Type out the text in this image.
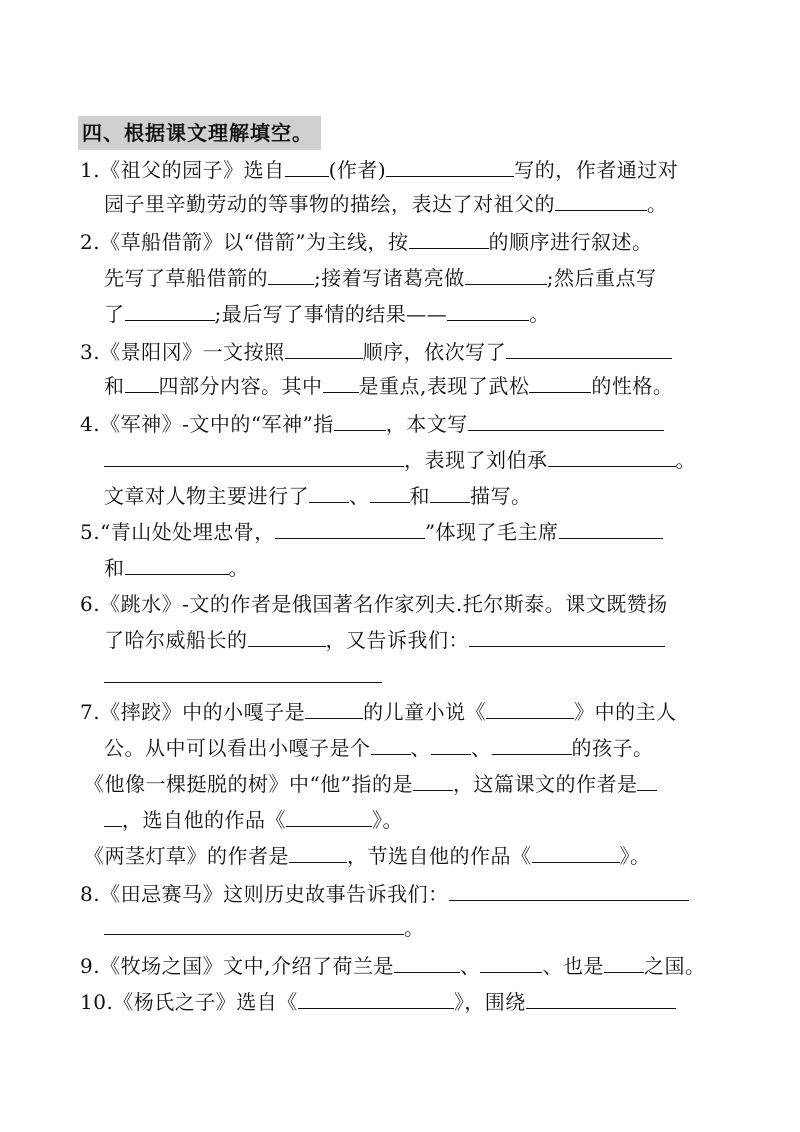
四、根据课文理解填空。
1.《祖父的园子》选自 (作者)	写的，作者通过对
园子里辛勤劳动的等事物的描绘，表达了对祖父的	。
2.《草船借箭》以“借箭”为主线，按	的顺序进行叙述。
先写了草船借箭的 ;接着写诸葛亮做	;然后重点写
了	;最后写了事情的结果——	。
3.《景阳冈》一文按照	顺序，依次写了
和 四部分内容。其中 是重点,表现了武松	的性格。
4.《军神》-文中的“军神”指	，本文写
，表现了刘伯承	。
文章对人物主要进行了 、 和 描写。
5.“青山处处埋忠骨，	”体现了毛主席
和	。
6.《跳水》-文的作者是俄国著名作家列夫.托尔斯泰。课文既赞扬
了哈尔威船长的	，又告诉我们：
7.《摔跤》中的小嘎子是	的儿童小说《	》中的主人
公。从中可以看出小嘎子是个 、 、	的孩子。
《他像一棵挺脱的树》中“他”指的是 ，这篇课文的作者是
，选自他的作品《	》。
《两茎灯草》的作者是	，节选自他的作品《	》。
8.《田忌赛马》这则历史故事告诉我们：
。
9.《牧场之国》文中,介绍了荷兰是	、	、也是 之国。
10.《杨氏之子》选自《	》，围绕
